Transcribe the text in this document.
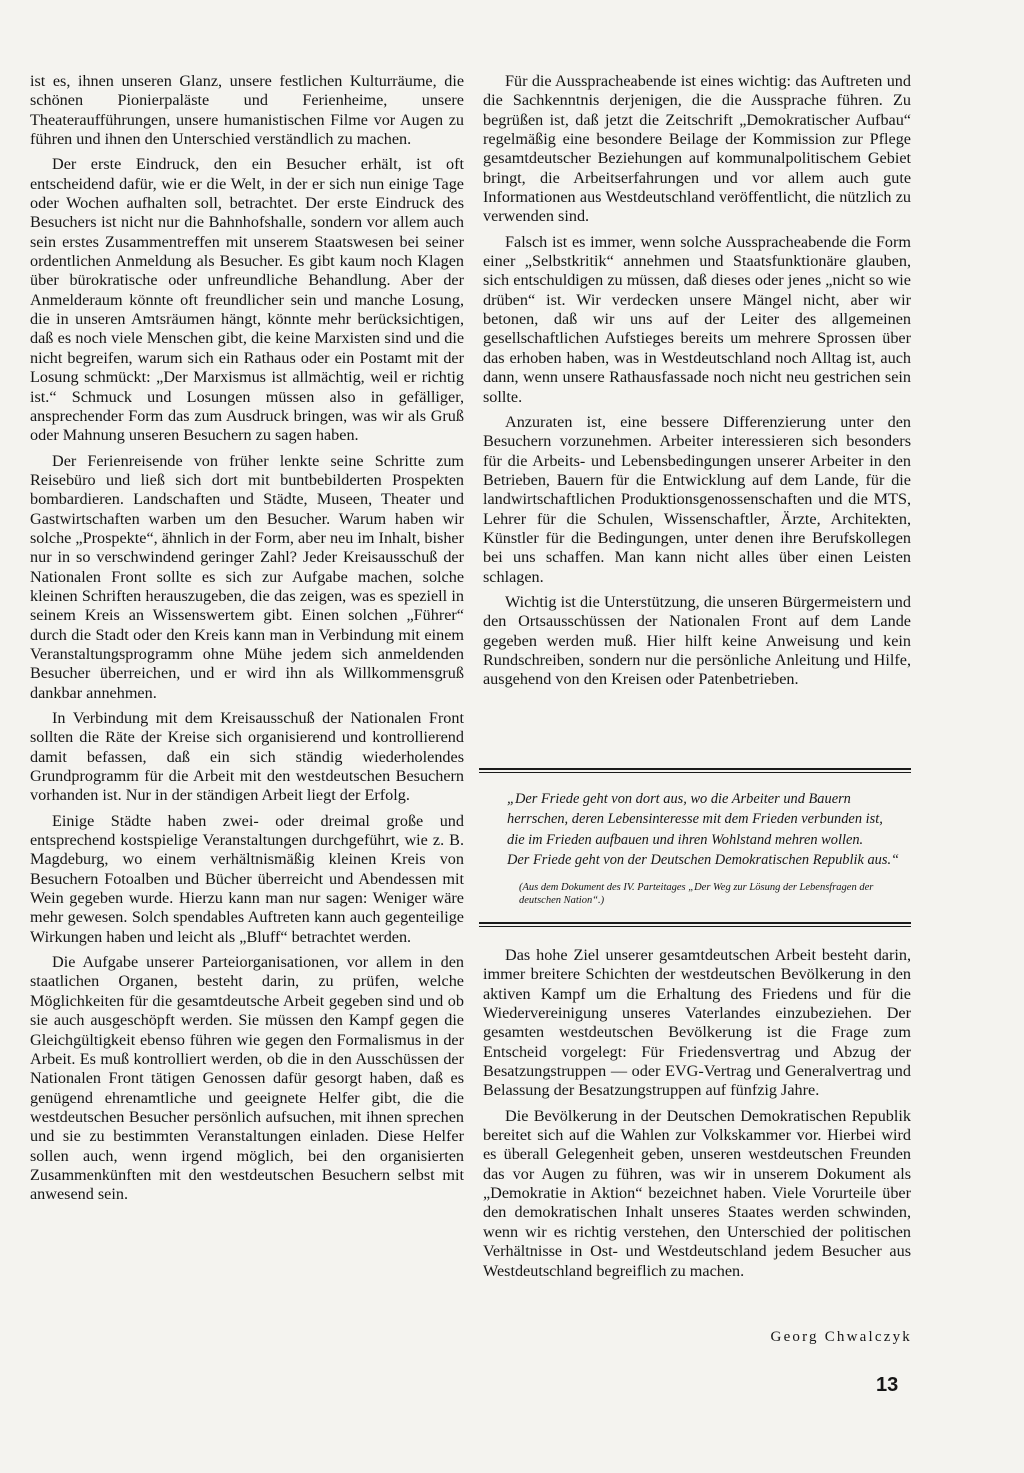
ist es, ihnen unseren Glanz, unsere festlichen Kulturräume, die schönen Pionierpaläste und Ferienheime, unsere Theateraufführungen, unsere humanistischen Filme vor Augen zu führen und ihnen den Unterschied verständlich zu machen.

Der erste Eindruck, den ein Besucher erhält, ist oft entscheidend dafür, wie er die Welt, in der er sich nun einige Tage oder Wochen aufhalten soll, betrachtet. Der erste Eindruck des Besuchers ist nicht nur die Bahnhofshalle, sondern vor allem auch sein erstes Zusammentreffen mit unserem Staatswesen bei seiner ordentlichen Anmeldung als Besucher. Es gibt kaum noch Klagen über bürokratische oder unfreundliche Behandlung. Aber der Anmelderaum könnte oft freundlicher sein und manche Losung, die in unseren Amtsräumen hängt, könnte mehr berücksichtigen, daß es noch viele Menschen gibt, die keine Marxisten sind und die nicht begreifen, warum sich ein Rathaus oder ein Postamt mit der Losung schmückt: „Der Marxismus ist allmächtig, weil er richtig ist.“ Schmuck und Losungen müssen also in gefälliger, ansprechender Form das zum Ausdruck bringen, was wir als Gruß oder Mahnung unseren Besuchern zu sagen haben.

Der Ferienreisende von früher lenkte seine Schritte zum Reisebüro und ließ sich dort mit buntbebilderten Prospekten bombardieren. Landschaften und Städte, Museen, Theater und Gastwirtschaften warben um den Besucher. Warum haben wir solche „Prospekte“, ähnlich in der Form, aber neu im Inhalt, bisher nur in so verschwindend geringer Zahl? Jeder Kreisausschuß der Nationalen Front sollte es sich zur Aufgabe machen, solche kleinen Schriften herauszugeben, die das zeigen, was es speziell in seinem Kreis an Wissenswertem gibt. Einen solchen „Führer“ durch die Stadt oder den Kreis kann man in Verbindung mit einem Veranstaltungsprogramm ohne Mühe jedem sich anmeldenden Besucher überreichen, und er wird ihn als Willkommensgruß dankbar annehmen.

In Verbindung mit dem Kreisausschuß der Nationalen Front sollten die Räte der Kreise sich organisierend und kontrollierend damit befassen, daß ein sich ständig wiederholendes Grundprogramm für die Arbeit mit den westdeutschen Besuchern vorhanden ist. Nur in der ständigen Arbeit liegt der Erfolg.

Einige Städte haben zwei- oder dreimal große und entsprechend kostspielige Veranstaltungen durchgeführt, wie z. B. Magdeburg, wo einem verhältnismäßig kleinen Kreis von Besuchern Fotoalben und Bücher überreicht und Abendessen mit Wein gegeben wurde. Hierzu kann man nur sagen: Weniger wäre mehr gewesen. Solch spendables Auftreten kann auch gegenteilige Wirkungen haben und leicht als „Bluff“ betrachtet werden.

Die Aufgabe unserer Parteiorganisationen, vor allem in den staatlichen Organen, besteht darin, zu prüfen, welche Möglichkeiten für die gesamtdeutsche Arbeit gegeben sind und ob sie auch ausgeschöpft werden. Sie müssen den Kampf gegen die Gleichgültigkeit ebenso führen wie gegen den Formalismus in der Arbeit. Es muß kontrolliert werden, ob die in den Ausschüssen der Nationalen Front tätigen Genossen dafür gesorgt haben, daß es genügend ehrenamtliche und geeignete Helfer gibt, die die westdeutschen Besucher persönlich aufsuchen, mit ihnen sprechen und sie zu bestimmten Veranstaltungen einladen. Diese Helfer sollen auch, wenn irgend möglich, bei den organisierten Zusammenkünften mit den westdeutschen Besuchern selbst mit anwesend sein.

Für die Ausspracheabende ist eines wichtig: das Auftreten und die Sachkenntnis derjenigen, die die Aussprache führen. Zu begrüßen ist, daß jetzt die Zeitschrift „Demokratischer Aufbau“ regelmäßig eine besondere Beilage der Kommission zur Pflege gesamtdeutscher Beziehungen auf kommunalpolitischem Gebiet bringt, die Arbeitserfahrungen und vor allem auch gute Informationen aus Westdeutschland veröffentlicht, die nützlich zu verwenden sind.

Falsch ist es immer, wenn solche Ausspracheabende die Form einer „Selbstkritik“ annehmen und Staatsfunktionäre glauben, sich entschuldigen zu müssen, daß dieses oder jenes „nicht so wie drüben“ ist. Wir verdecken unsere Mängel nicht, aber wir betonen, daß wir uns auf der Leiter des allgemeinen gesellschaftlichen Aufstieges bereits um mehrere Sprossen über das erhoben haben, was in Westdeutschland noch Alltag ist, auch dann, wenn unsere Rathausfassade noch nicht neu gestrichen sein sollte.

Anzuraten ist, eine bessere Differenzierung unter den Besuchern vorzunehmen. Arbeiter interessieren sich besonders für die Arbeits- und Lebensbedingungen unserer Arbeiter in den Betrieben, Bauern für die Entwicklung auf dem Lande, für die landwirtschaftlichen Produktionsgenossenschaften und die MTS, Lehrer für die Schulen, Wissenschaftler, Ärzte, Architekten, Künstler für die Bedingungen, unter denen ihre Berufskollegen bei uns schaffen. Man kann nicht alles über einen Leisten schlagen.

Wichtig ist die Unterstützung, die unseren Bürgermeistern und den Ortsausschüssen der Nationalen Front auf dem Lande gegeben werden muß. Hier hilft keine Anweisung und kein Rundschreiben, sondern nur die persönliche Anleitung und Hilfe, ausgehend von den Kreisen oder Patenbetrieben.

„Der Friede geht von dort aus, wo die Arbeiter und Bauern herrschen, deren Lebensinteresse mit dem Frieden verbunden ist, die im Frieden aufbauen und ihren Wohlstand mehren wollen.

Der Friede geht von der Deutschen Demokratischen Republik aus.“

(Aus dem Dokument des IV. Parteitages „Der Weg zur Lösung der Lebensfragen der deutschen Nation“.)

Das hohe Ziel unserer gesamtdeutschen Arbeit besteht darin, immer breitere Schichten der westdeutschen Bevölkerung in den aktiven Kampf um die Erhaltung des Friedens und für die Wiedervereinigung unseres Vaterlandes einzubeziehen. Der gesamten westdeutschen Bevölkerung ist die Frage zum Entscheid vorgelegt: Für Friedensvertrag und Abzug der Besatzungstruppen — oder EVG-Vertrag und Generalvertrag und Belassung der Besatzungstruppen auf fünfzig Jahre.

Die Bevölkerung in der Deutschen Demokratischen Republik bereitet sich auf die Wahlen zur Volkskammer vor. Hierbei wird es überall Gelegenheit geben, unseren westdeutschen Freunden das vor Augen zu führen, was wir in unserem Dokument als „Demokratie in Aktion“ bezeichnet haben. Viele Vorurteile über den demokratischen Inhalt unseres Staates werden schwinden, wenn wir es richtig verstehen, den Unterschied der politischen Verhältnisse in Ost- und Westdeutschland jedem Besucher aus Westdeutschland begreiflich zu machen.

Georg Chwalczyk
13
